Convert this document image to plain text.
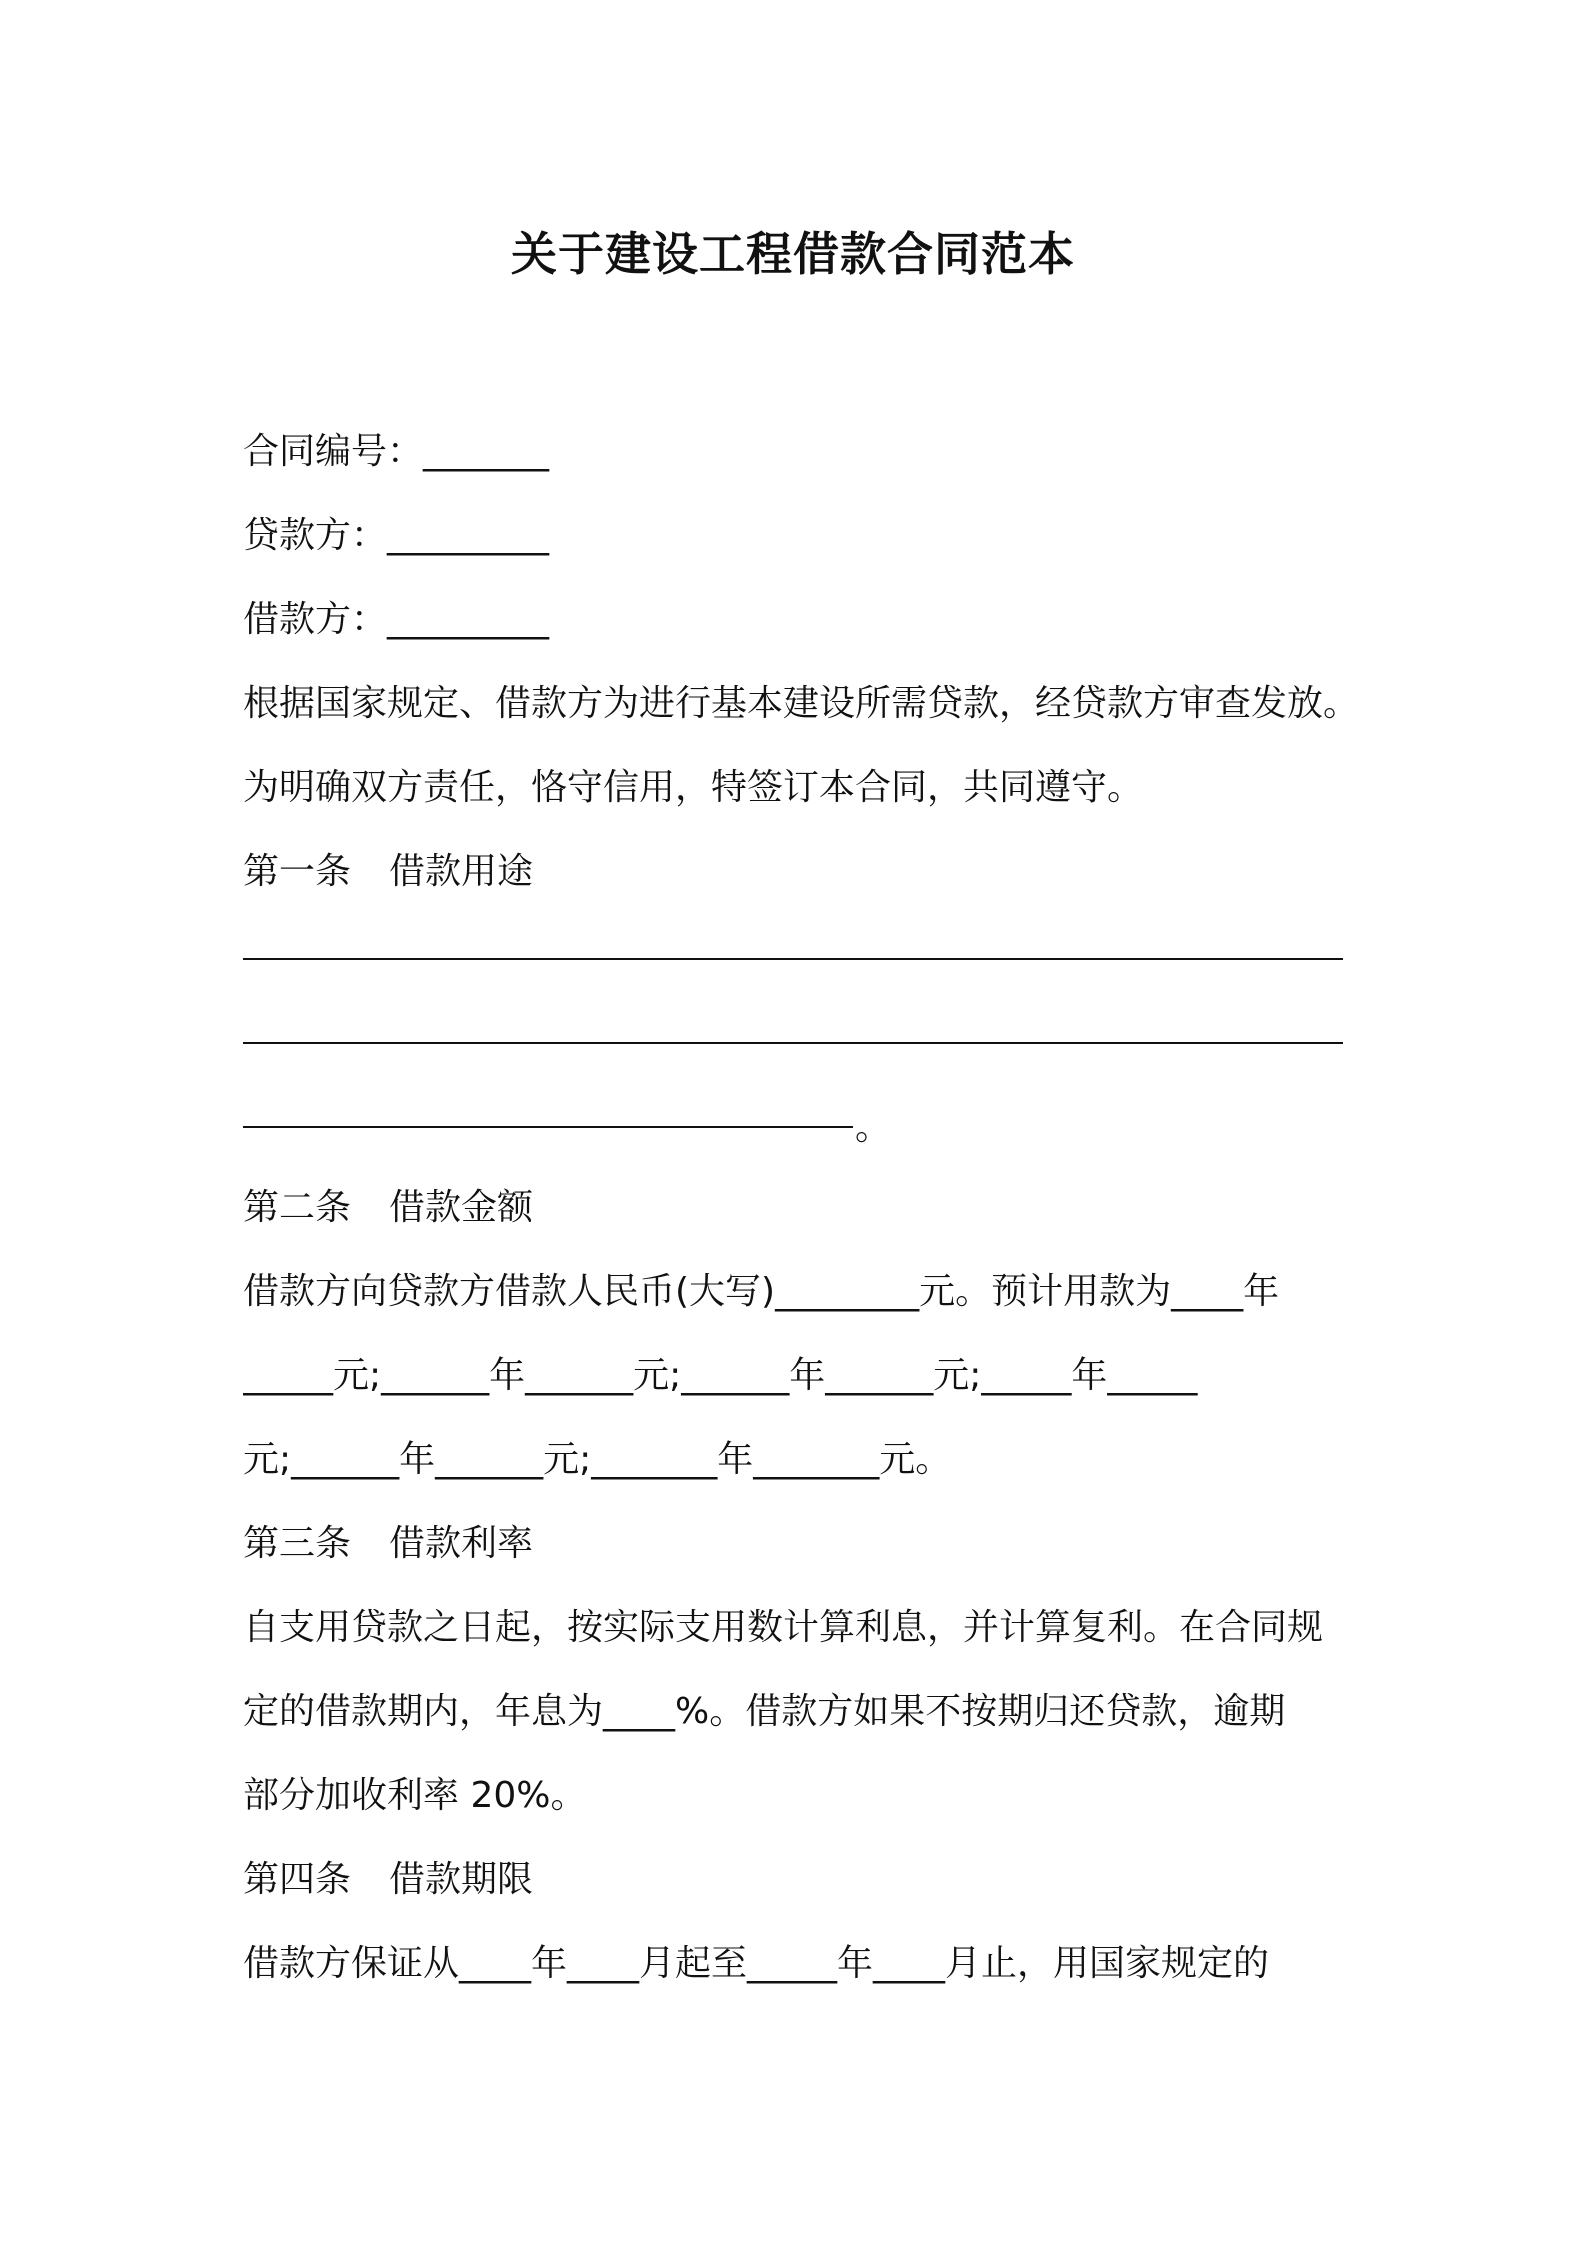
关于建设工程借款合同范本
合同编号：_______
贷款方：_________
借款方：_________
根据国家规定、借款方为进行基本建设所需贷款，经贷款方审查发放。
为明确双方责任，恪守信用，特签订本合同，共同遵守。
第一条 借款用途
。
第二条 借款金额
借款方向贷款方借款人民币(大写)________元。预计用款为____年
_____元;______年______元;______年______元;_____年_____
元;______年______元;_______年_______元。
第三条 借款利率
自支用贷款之日起，按实际支用数计算利息，并计算复利。在合同规
定的借款期内，年息为____%。借款方如果不按期归还贷款，逾期
部分加收利率 20%。
第四条 借款期限
借款方保证从____年____月起至_____年____月止，用国家规定的
